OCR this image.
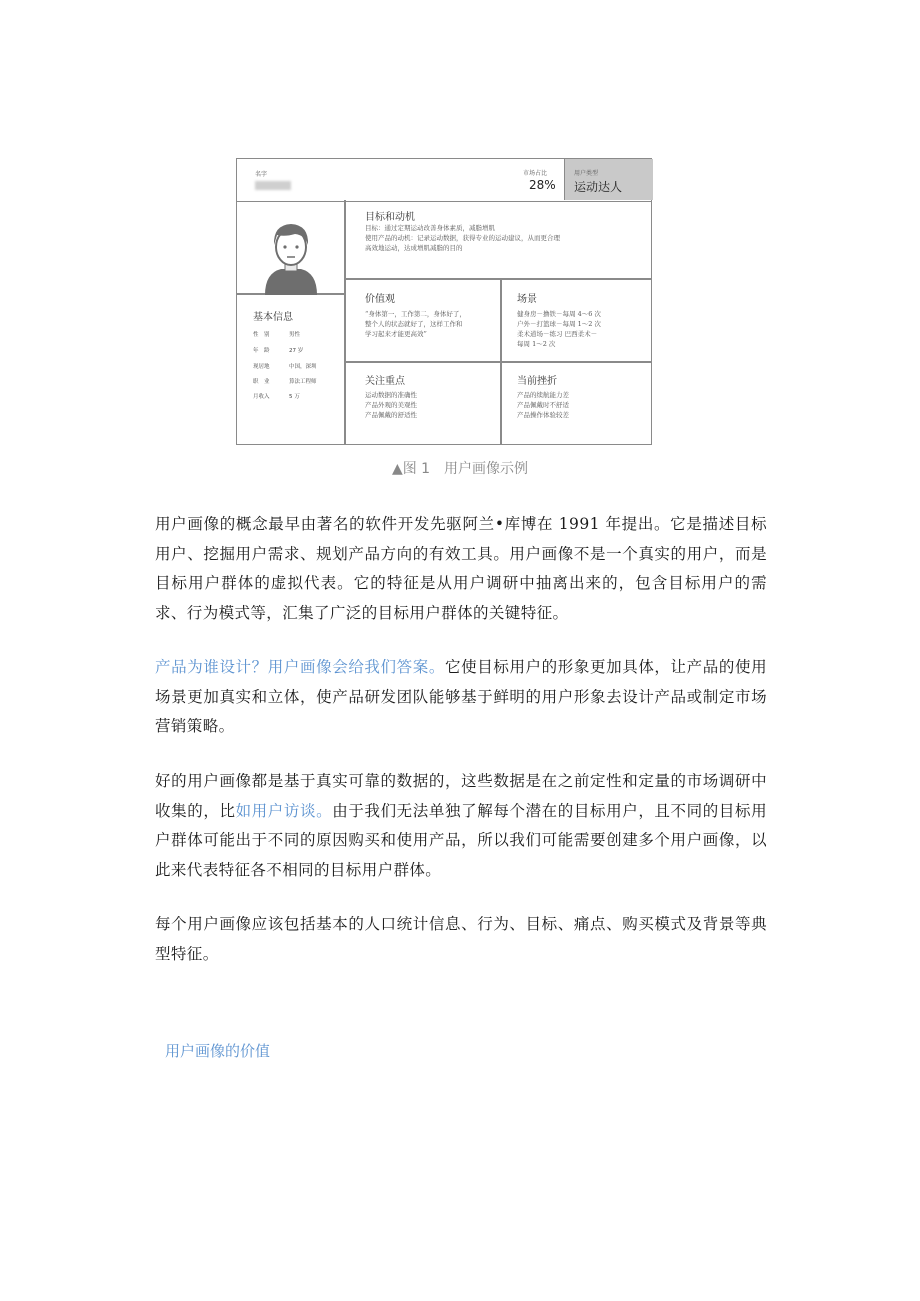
名字	市场占比
28%
用户类型
运动达人
基本信息
性　别	男性
年　龄	27 岁
现居地	中国，深圳
职　业	算法工程师
月收入	5 万
目标和动机
目标：通过定期运动改善身体素质，减脂增肌
使用产品的动机：记录运动数据，获得专业的运动建议，从而更合理
高效地运动，达成增肌减脂的目的
价值观
“身体第一，工作第二，身体好了，
整个人的状态就好了，这样工作和
学习起来才能更高效”
场景
健身房－撸铁－每周 4～6 次
户外－打篮球－每周 1～2 次
柔术道场－练习 巴西柔术－
每周 1～2 次
关注重点
运动数据的准确性
产品外观的美观性
产品佩戴的舒适性
当前挫折
产品的续航能力差
产品佩戴时不舒适
产品操作体验较差
▲图 1　用户画像示例

用户画像的概念最早由著名的软件开发先驱阿兰•库博在 1991 年提出。它是描述目标用户、挖掘用户需求、规划产品方向的有效工具。用户画像不是一个真实的用户，而是目标用户群体的虚拟代表。它的特征是从用户调研中抽离出来的，包含目标用户的需求、行为模式等，汇集了广泛的目标用户群体的关键特征。

产品为谁设计？用户画像会给我们答案。它使目标用户的形象更加具体，让产品的使用场景更加真实和立体，使产品研发团队能够基于鲜明的用户形象去设计产品或制定市场营销策略。

好的用户画像都是基于真实可靠的数据的，这些数据是在之前定性和定量的市场调研中收集的，比如用户访谈。由于我们无法单独了解每个潜在的目标用户，且不同的目标用户群体可能出于不同的原因购买和使用产品，所以我们可能需要创建多个用户画像，以此来代表特征各不相同的目标用户群体。

每个用户画像应该包括基本的人口统计信息、行为、目标、痛点、购买模式及背景等典型特征。

用户画像的价值
